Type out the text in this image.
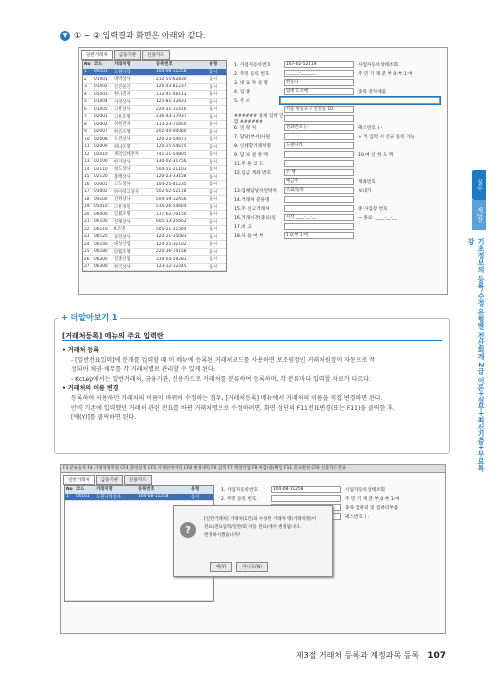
▼ ① ~ ② 입력결과 화면은 아래와 같다.
일반거래처	금융기관	신용카드
No 코드	거래처명	등록번호	유형
1	00101	도원나라	104-08-11258	동시
2	01001	대박상사	212-55-62830	동시
3	01002	일진물산	126-43-81237	동시
4	01003	한나전자	112-41-48113	동시
5	01004	서영상사	125-81-12833	동시
6	01005	고흥상사	220-31-11416	동시
7	02001	고흥조명	236-43-17937	동시
8	02002	성현전자	113-23-71850	동시
9	02007	한진조명	202-44-00060	동시
10	02008	도전상사	120-23-54671	동시
11	02009	하나조명	120-25-54675	동시
12	02010	제일인쇄전자	741-21-54805	동시
13	02100	한가상사	130-02-31756	동시
14	02110	청도상사	504-51-21103	동시
15	02120	불백상사	120-23-33158	동시
16	03001	고도상사	104-25-41235	동시
17	03002	하이테크상사	502-02-52118	동시
18	04100	진위상사	504-39-12456	동시
19	05010	고흥정밀	514-26-54664	동시
20	06000	일월조명	117-62-70150	동시
21	06100	진해상사	605-13-25662	동시
22	06110	K조명	505-21-31564	동시
23	06120	동일상사	120-21-35083	동시
24	06140	대성산업	124-25-32102	동시
25	06180	일월조명	220-36-74158	동시
26	06200	진종산업	219-03-59283	동시
27	06300	한국상사	123-12-12345	동시
1. 사업자등록번호	107-02-52119	사업자등록상태조회
2. 주민 등록 번호	______-_______	주 민 기 재 분 부 0:부 1:여
3. 대 표 자 성 명	한동나
4. 업 종	업태 도소매	종목 전자제품
5. 주 소
서울 영등포구 신길동 10
###### 상세 입력 안함 ######
6. 연 락 처	전화번호 ) -	팩스번호 ) -
7. 담당(부서)사원	+ 키 입력 시 신규 등록 가능
8. 인쇄할거래처명	도원나라
9. 담 보 설 정 액	10.여 신 한 도 액
11.주 류 코 드
12.입금 계좌 번호	은 행
예금주	계좌번호
13.업체담당자연락처	조회/등록	보내기
14.거래처 분류명
15.주 신고거래처	종 사업장 번호
16.거래시작(종료)일	시작 ____-__-__	~ 종료: ____-__-__
17.비 고
18.사 용 여 부	1 0:부 1:여
+ 더알아보기 1
[거래처등록] 메뉴의 주요 입력란
• 거래처 등록
- [일반전표입력]에 분개를 입력할 때 이 메뉴에 등록된 거래처코드를 사용하면 보조원장인 거래처원장이 자동으로 작
성되어 채권·채무를 각 거래처별로 관리할 수 있게 된다.
- KcLep에서는 일반거래처, 금융기관, 신용카드로 거래처를 분류하여 등록하며, 각 분류마다 입력할 자료가 다르다.
• 거래처의 이름 변경
등록하여 사용하던 거래처의 이름이 바뀌어 수정하는 경우, [거래처등록] 메뉴에서 거래처의 이름을 직접 변경하면 된다.
만약 기존에 입력했던 거래처 관련 전표를 바뀐 거래처명으로 수정하려면, 화면 상단의 F11전표변경(또는 F11)을 클릭한 후,
[예(Y)]를 클릭하면 된다.
F3 분류등록 F4 거래처명복원 CF4 환경설정 CF5 삭제된데이터 CF8 변경내역 F6 검색 F7 엑셀작업 F8 마감(종)확인 F11 전표변경 CF6 신용카드전표
일반거래처	금융기관	신용카드
No 코드	거래처명	등록번호	유형
1	00101	도원나라상사	104-08-11258	동시
1. 사업자등록번호	104-08-11258	사업자등록상태조회
2. 주민 등록 번호	주 민 기 재 분 부 0:부 1:여
종목 컴퓨터 및 컴퓨터부품
팩스번호 ) -
?
[일반거래처] 거래처(1건)의 수정된 거래처 명(거래처명)이
전표(전표입력/일반/회 자동 전표)에서 변경됩니다.
변경하시겠습니까?
예(Y)	아니오(N)
실무
제2장
기초정보의 등록·수정 유형별 전산회계 2급 이론+실무+최신기출+무료특강
제3절 거래처 등록과 계정과목 등록 107
